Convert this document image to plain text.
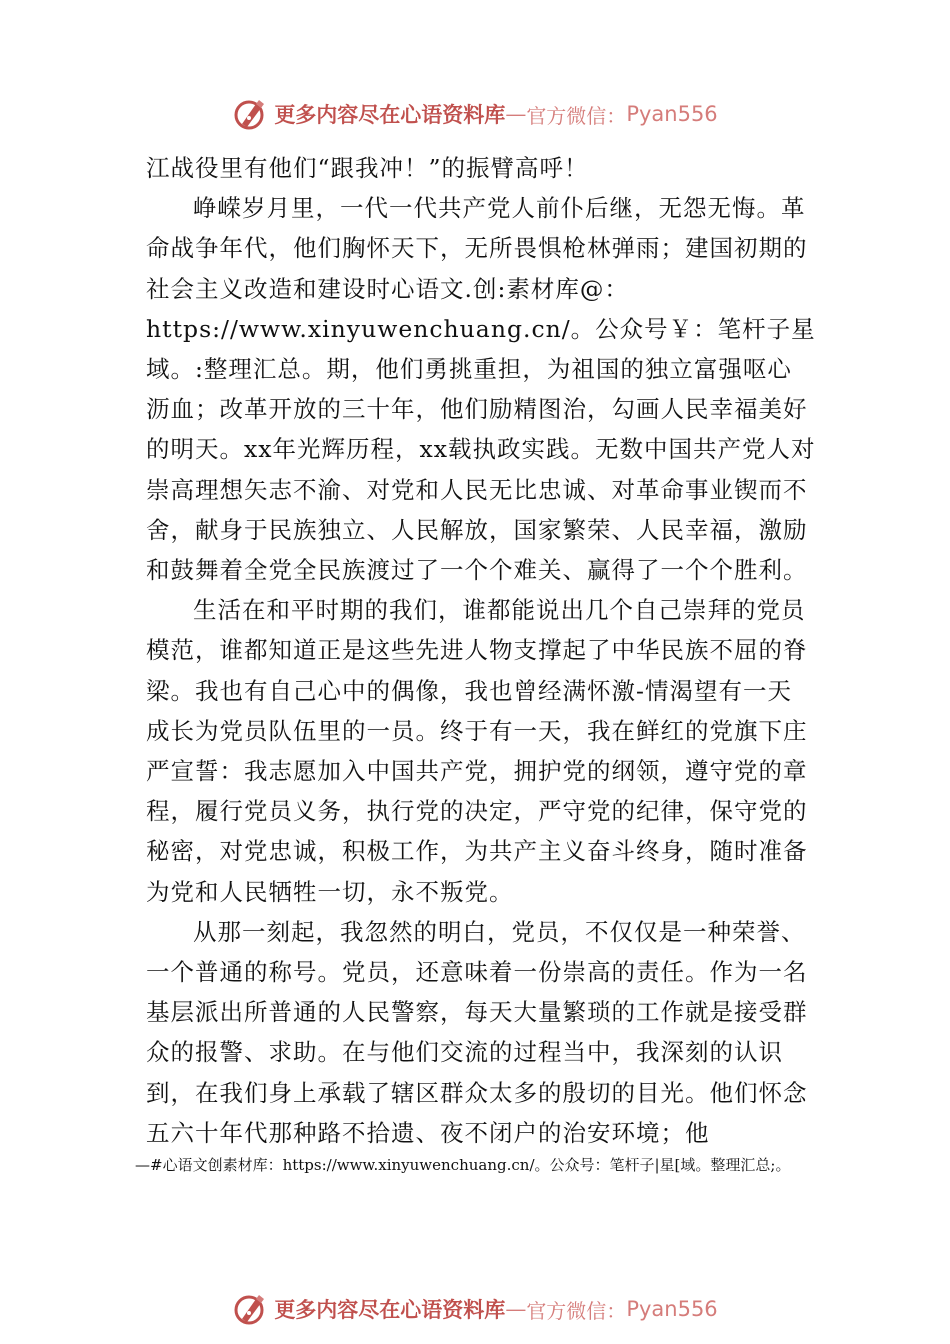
更多内容尽在心语资料库 — 官方微信： Pyan556

江战役里有他们“跟我冲！”的振臂高呼！

峥嵘岁月里，一代一代共产党人前仆后继，无怨无悔。革命战争年代，他们胸怀天下，无所畏惧枪林弹雨；建国初期的社会主义改造和建设时心语文.创:素材库@：https://www.xinyuwenchuang.cn/。公众号￥：笔杆子星域。:整理汇总。期，他们勇挑重担，为祖国的独立富强呕心沥血；改革开放的三十年，他们励精图治，勾画人民幸福美好的明天。xx年光辉历程，xx载执政实践。无数中国共产党人对崇高理想矢志不渝、对党和人民无比忠诚、对革命事业锲而不舍，献身于民族独立、人民解放，国家繁荣、人民幸福，激励和鼓舞着全党全民族渡过了一个个难关、赢得了一个个胜利。

生活在和平时期的我们，谁都能说出几个自己崇拜的党员模范，谁都知道正是这些先进人物支撑起了中华民族不屈的脊梁。我也有自己心中的偶像，我也曾经满怀激-情渴望有一天成长为党员队伍里的一员。终于有一天，我在鲜红的党旗下庄严宣誓：我志愿加入中国共产党，拥护党的纲领，遵守党的章程，履行党员义务，执行党的决定，严守党的纪律，保守党的秘密，对党忠诚，积极工作，为共产主义奋斗终身，随时准备为党和人民牺牲一切，永不叛党。

从那一刻起，我忽然的明白，党员，不仅仅是一种荣誉、一个普通的称号。党员，还意味着一份崇高的责任。作为一名基层派出所普通的人民警察，每天大量繁琐的工作就是接受群众的报警、求助。在与他们交流的过程当中，我深刻的认识到，在我们身上承载了辖区群众太多的殷切的目光。他们怀念五六十年代那种路不拾遗、夜不闭户的治安环境；他

—#心语文创素材库：https://www.xinyuwenchuang.cn/。公众号：笔杆子|星[域。整理汇总;。
更多内容尽在心语资料库 — 官方微信： Pyan556
